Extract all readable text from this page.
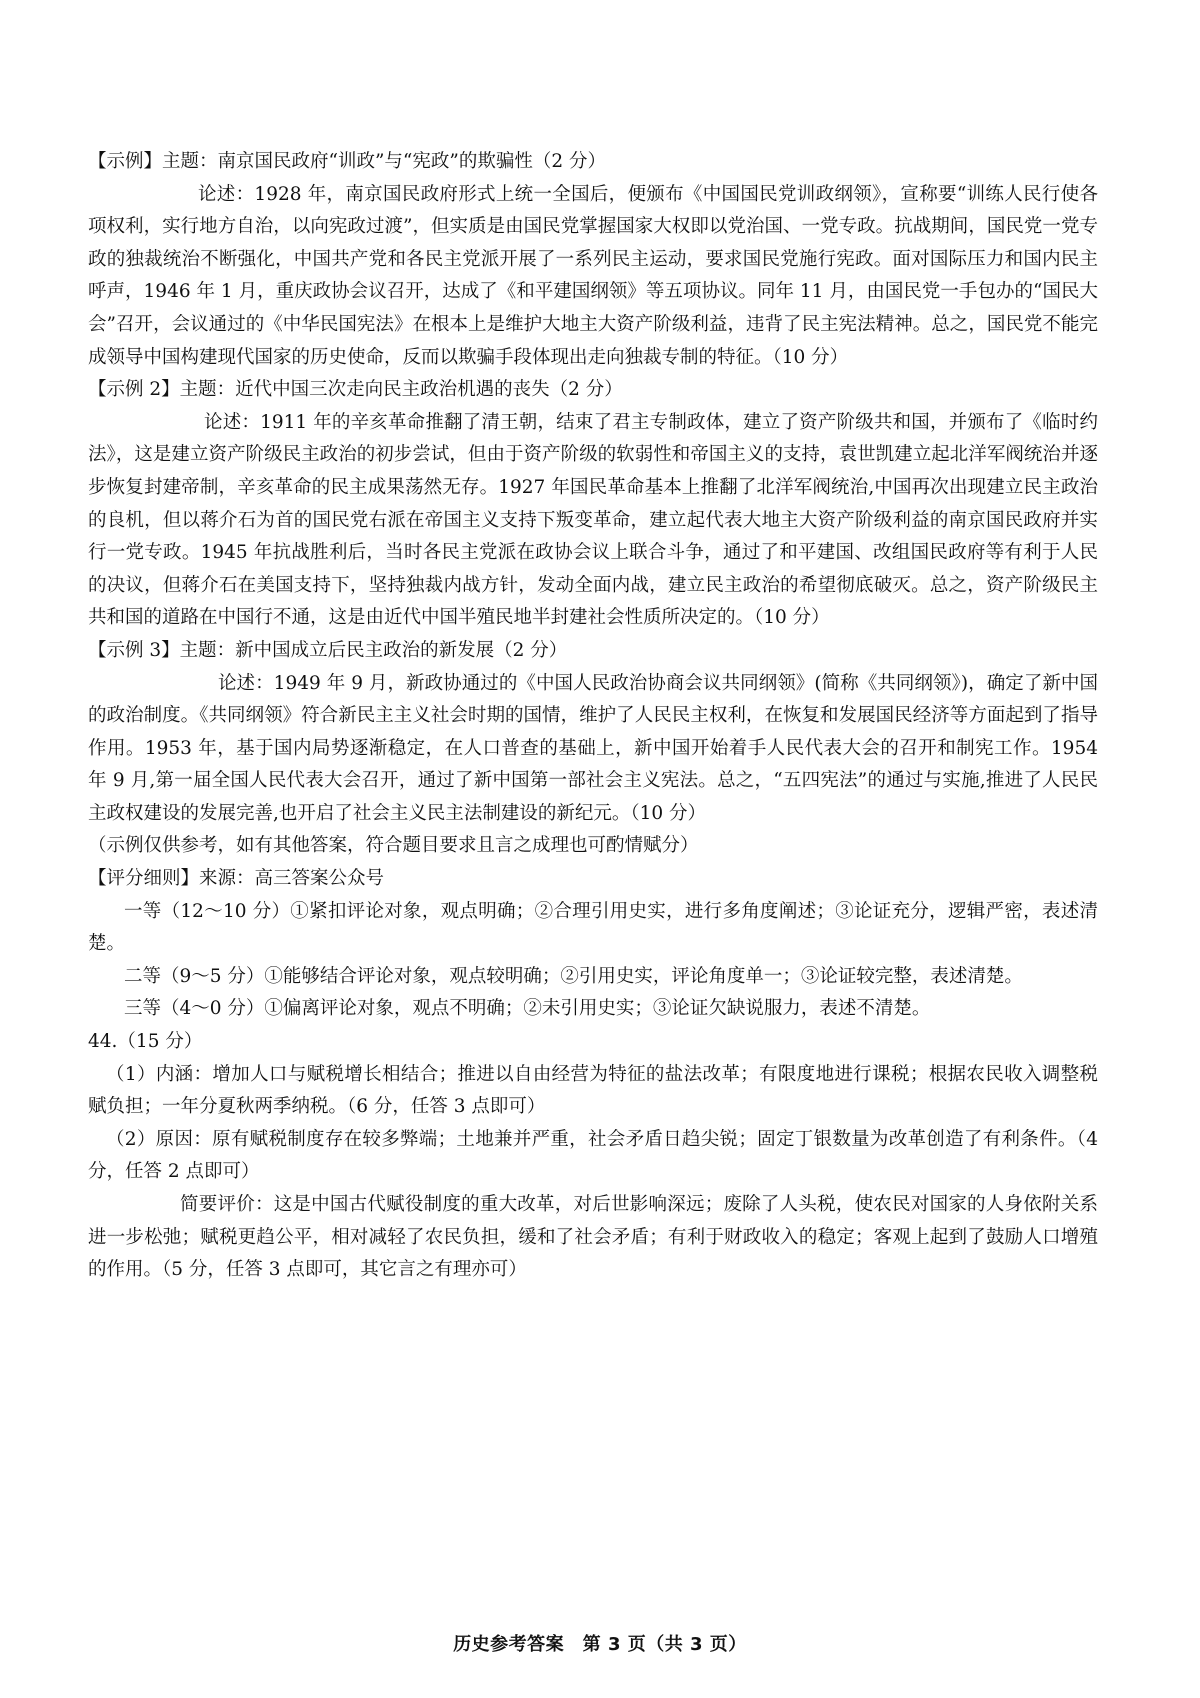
【示例】主题：南京国民政府“训政”与“宪政”的欺骗性（2 分）

论述：1928 年，南京国民政府形式上统一全国后，便颁布《中国国民党训政纲领》，宣称要“训练人民行使各项权利，实行地方自治，以向宪政过渡”，但实质是由国民党掌握国家大权即以党治国、一党专政。抗战期间，国民党一党专政的独裁统治不断强化，中国共产党和各民主党派开展了一系列民主运动，要求国民党施行宪政。面对国际压力和国内民主呼声，1946 年 1 月，重庆政协会议召开，达成了《和平建国纲领》等五项协议。同年 11 月，由国民党一手包办的“国民大会”召开，会议通过的《中华民国宪法》在根本上是维护大地主大资产阶级利益，违背了民主宪法精神。总之，国民党不能完成领导中国构建现代国家的历史使命，反而以欺骗手段体现出走向独裁专制的特征。（10 分）

【示例 2】主题：近代中国三次走向民主政治机遇的丧失（2 分）

论述：1911 年的辛亥革命推翻了清王朝，结束了君主专制政体，建立了资产阶级共和国，并颁布了《临时约法》，这是建立资产阶级民主政治的初步尝试，但由于资产阶级的软弱性和帝国主义的支持，袁世凯建立起北洋军阀统治并逐步恢复封建帝制，辛亥革命的民主成果荡然无存。1927 年国民革命基本上推翻了北洋军阀统治,中国再次出现建立民主政治的良机，但以蒋介石为首的国民党右派在帝国主义支持下叛变革命，建立起代表大地主大资产阶级利益的南京国民政府并实行一党专政。1945 年抗战胜利后，当时各民主党派在政协会议上联合斗争，通过了和平建国、改组国民政府等有利于人民的决议，但蒋介石在美国支持下，坚持独裁内战方针，发动全面内战，建立民主政治的希望彻底破灭。总之，资产阶级民主共和国的道路在中国行不通，这是由近代中国半殖民地半封建社会性质所决定的。（10 分）

【示例 3】主题：新中国成立后民主政治的新发展（2 分）

论述：1949 年 9 月，新政协通过的《中国人民政治协商会议共同纲领》(简称《共同纲领》)，确定了新中国的政治制度。《共同纲领》符合新民主主义社会时期的国情，维护了人民民主权利，在恢复和发展国民经济等方面起到了指导作用。1953 年，基于国内局势逐渐稳定，在人口普查的基础上，新中国开始着手人民代表大会的召开和制宪工作。1954 年 9 月,第一届全国人民代表大会召开，通过了新中国第一部社会主义宪法。总之，“五四宪法”的通过与实施,推进了人民民主政权建设的发展完善,也开启了社会主义民主法制建设的新纪元。（10 分）

（示例仅供参考，如有其他答案，符合题目要求且言之成理也可酌情赋分）

【评分细则】来源：高三答案公众号

一等（12～10 分）①紧扣评论对象，观点明确；②合理引用史实，进行多角度阐述；③论证充分，逻辑严密，表述清楚。

二等（9～5 分）①能够结合评论对象，观点较明确；②引用史实，评论角度单一；③论证较完整，表述清楚。

三等（4～0 分）①偏离评论对象，观点不明确；②未引用史实；③论证欠缺说服力，表述不清楚。

44.（15 分）

（1）内涵：增加人口与赋税增长相结合；推进以自由经营为特征的盐法改革；有限度地进行课税；根据农民收入调整税赋负担；一年分夏秋两季纳税。（6 分，任答 3 点即可）

（2）原因：原有赋税制度存在较多弊端；土地兼并严重，社会矛盾日趋尖锐；固定丁银数量为改革创造了有利条件。（4 分，任答 2 点即可）

简要评价：这是中国古代赋役制度的重大改革，对后世影响深远；废除了人头税，使农民对国家的人身依附关系进一步松弛；赋税更趋公平，相对减轻了农民负担，缓和了社会矛盾；有利于财政收入的稳定；客观上起到了鼓励人口增殖的作用。（5 分，任答 3 点即可，其它言之有理亦可）

历史参考答案　第 3 页（共 3 页）
